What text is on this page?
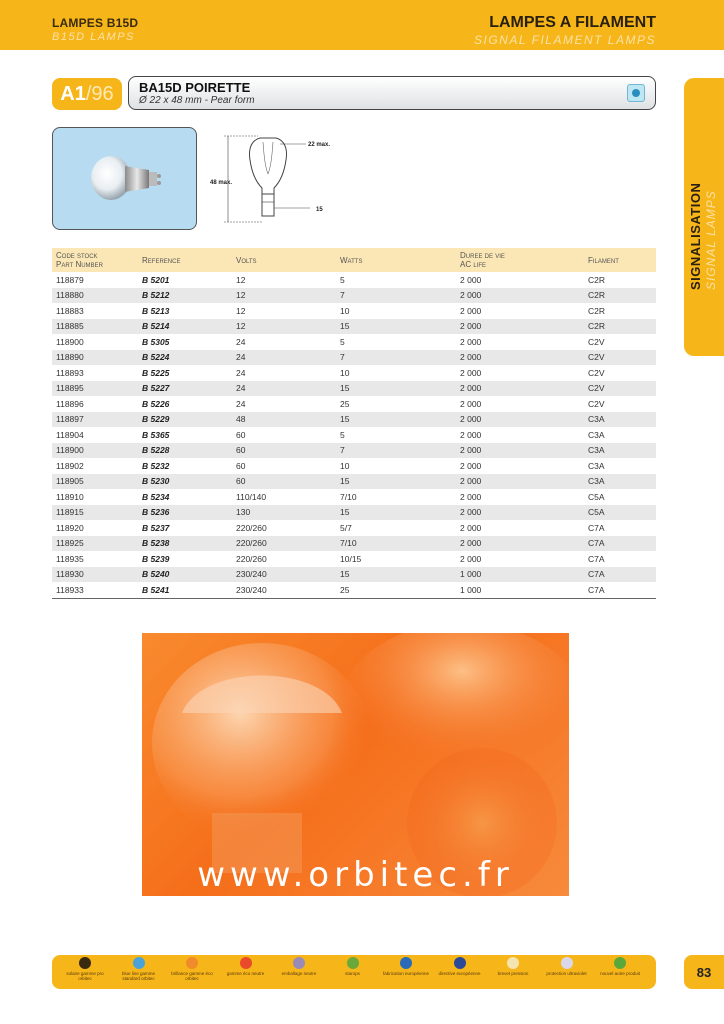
LAMPES B15D
B15D LAMPS
LAMPES A FILAMENT
SIGNAL FILAMENT LAMPS
SIGNALISATION SIGNAL LAMPS
A1 /96 BA15D POIRETTE
Ø 22 x 48 mm - Pear form
22 max.
48 max.
15
Code stock
Part Number	Reference	Volts	Watts	Duree de vie
AC life	Filament
118879	B 5201	12	5	2 000	C2R
118880	B 5212	12	7	2 000	C2R
118883	B 5213	12	10	2 000	C2R
118885	B 5214	12	15	2 000	C2R
118900	B 5305	24	5	2 000	C2V
118890	B 5224	24	7	2 000	C2V
118893	B 5225	24	10	2 000	C2V
118895	B 5227	24	15	2 000	C2V
118896	B 5226	24	25	2 000	C2V
118897	B 5229	48	15	2 000	C3A
118904	B 5365	60	5	2 000	C3A
118900	B 5228	60	7	2 000	C3A
118902	B 5232	60	10	2 000	C3A
118905	B 5230	60	15	2 000	C3A
118910	B 5234	110/140	7/10	2 000	C5A
118915	B 5236	130	15	2 000	C5A
118920	B 5237	220/260	5/7	2 000	C7A
118925	B 5238	220/260	7/10	2 000	C7A
118935	B 5239	220/260	10/15	2 000	C7A
118930	B 5240	230/240	15	1 000	C7A
118933	B 5241	230/240	25	1 000	C7A
www.orbitec.fr
solaire gamme pro orbitec
blue line gamme standard orbitec
brillance gamme éco orbitec
gamme éco neutre	emballage neutre	starops	fabrication européenne	directive européenne	brevet pression	protection ultraviolet	nouvel autre produit	83
